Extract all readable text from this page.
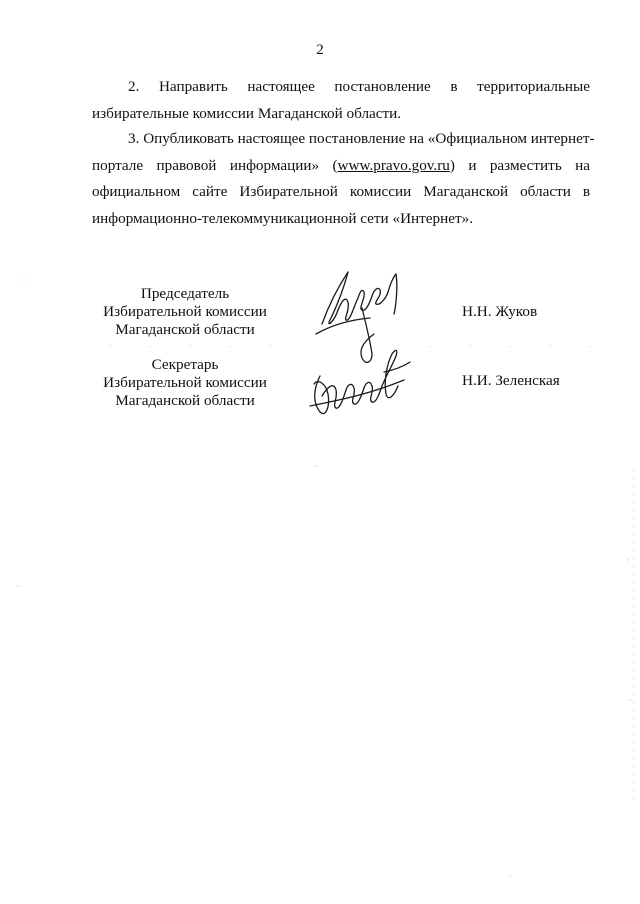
2

2. Направить настоящее постановление в территориальные

избирательные комиссии Магаданской области.

3. Опубликовать настоящее постановление на «Официальном интернет-

портале правовой информации» (www.pravo.gov.ru) и разместить на

официальном сайте Избирательной комиссии Магаданской области в

информационно-телекоммуникационной сети «Интернет».

Председатель
Избирательной комиссии
Магаданской области
Н.Н. Жуков
Секретарь
Избирательной комиссии
Магаданской области
Н.И. Зеленская
